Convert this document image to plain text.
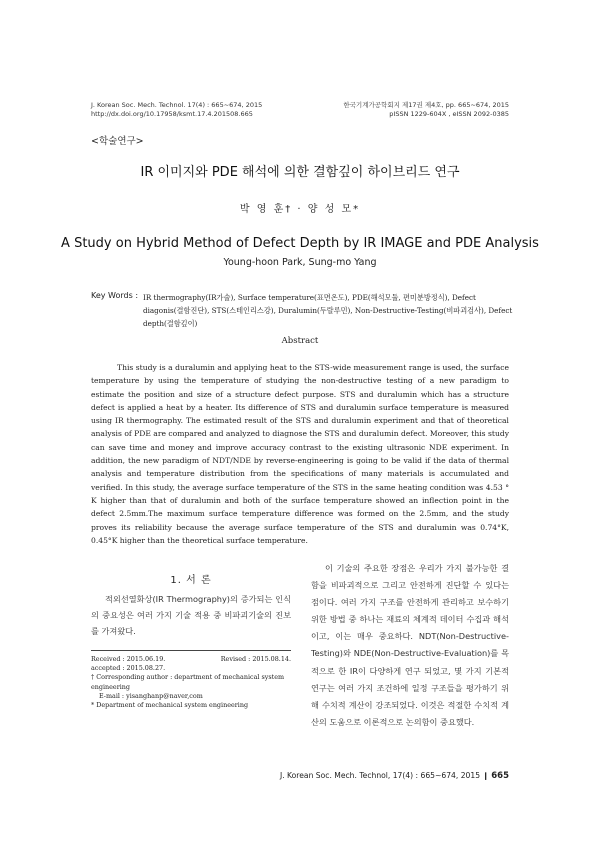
J. Korean Soc. Mech. Technol. 17(4) : 665~674, 2015
http://dx.doi.org/10.17958/ksmt.17.4.201508.665
한국기계가공학회지 제17권 제4호, pp. 665~674, 2015
pISSN 1229-604X , eISSN 2092-0385
<학술연구>
IR 이미지와 PDE 해석에 의한 결함깊이 하이브리드 연구
박 영 훈† · 양 성 모*
A Study on Hybrid Method of Defect Depth by IR IMAGE and PDE Analysis
Young-hoon Park, Sung-mo Yang
Key Words : IR thermography(IR가술), Surface temperature(표면온도), PDE(해석모듈, 편미분방정식), Defect diagonis(결함진단), STS(스테인리스강), Duralumin(두랄루민), Non-Destructive-Testing(비파괴검사), Defect depth(결함깊이)
Abstract
This study is a duralumin and applying heat to the STS-wide measurement range is used, the surface temperature by using the temperature of studying the non-destructive testing of a new paradigm to estimate the position and size of a structure defect purpose. STS and duralumin which has a structure defect is applied a heat by a heater. Its difference of STS and duralumin surface temperature is measured using IR thermography. The estimated result of the STS and duralumin experiment and that of theoretical analysis of PDE are compared and analyzed to diagnose the STS and duralumin defect. Moreover, this study can save time and money and improve accuracy contrast to the existing ultrasonic NDE experiment. In addition, the new paradigm of NDT/NDE by reverse-engineering is going to be valid if the data of thermal analysis and temperature distribution from the specifications of many materials is accumulated and verified. In this study, the average surface temperature of the STS in the same heating condition was 4.53 ° K higher than that of duralumin and both of the surface temperature showed an inflection point in the defect 2.5mm.The maximum surface temperature difference was formed on the 2.5mm, and the study proves its reliability because the average surface temperature of the STS and duralumin was 0.74°K, 0.45°K higher than the theoretical surface temperature.
1. 서 론
적외선열화상(IR Thermography)의 증가되는 인식의 중요성은 여러 가지 기술 적용 중 비파괴기술의 진보를 가져왔다.
Received : 2015.06.19.	Revised : 2015.08.14.
accepted : 2015.08.27.
† Corresponding author : department of mechanical system engineering
E-mail : yisanghanp@naver,com
* Department of mechanical system engineering
이 기술의 주요한 장점은 우리가 가지 불가능한 결함을 비파괴적으로 그리고 안전하게 진단할 수 있다는 점이다. 여러 가지 구조를 안전하게 관리하고 보수하기 위한 방법 중 하나는 재료의 체계적 데이터 수집과 해석이고, 이는 매우 중요하다. NDT(Non-Destructive-Testing)와 NDE(Non-Destructive-Evaluation)를 목적으로 한 IR이 다양하게 연구 되었고, 몇 가지 기본적 연구는 여러 가지 조건하에 일정 구조들을 평가하기 위해 수치적 계산이 강조되었다. 이것은 적절한 수치적 계산의 도움으로 이론적으로 논의함이 중요했다.
J. Korean Soc. Mech. Technol, 17(4) : 665~674, 2015 ❙ 665
